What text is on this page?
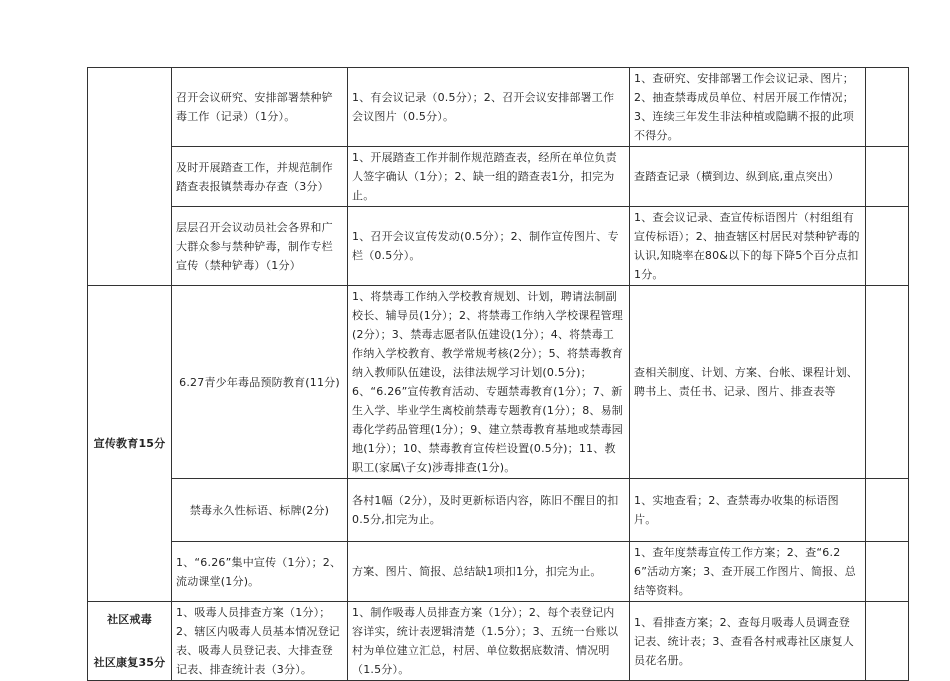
	召开会议研究、安排部署禁种铲毒工作（记录）（1分）。	1、有会议记录（0.5分）；2、召开会议安排部署工作会议图片（0.5分）。	1、查研究、安排部署工作会议记录、图片；2、抽查禁毒成员单位、村居开展工作情况；3、连续三年发生非法种植或隐瞒不报的此项不得分。	
	及时开展踏查工作，并规范制作踏查表报镇禁毒办存查（3分）	1、开展踏查工作并制作规范踏查表，经所在单位负责人签字确认（1分）；2、缺一组的踏查表1分，扣完为止。	查踏查记录（横到边、纵到底,重点突出）	
	层层召开会议动员社会各界和广大群众参与禁种铲毒，制作专栏宣传（禁种铲毒）（1分）	1、召开会议宣传发动(0.5分）；2、制作宣传图片、专栏（0.5分）。	1、查会议记录、查宣传标语图片（村组组有宣传标语）；2、抽查辖区村居民对禁种铲毒的认识,知晓率在80&以下的每下降5个百分点扣1分。	
宣传教育15分	6.27青少年毒品预防教育(11分)	1、将禁毒工作纳入学校教育规划、计划，聘请法制副校长、辅导员(1分）；2、将禁毒工作纳入学校课程管理(2分）；3、禁毒志愿者队伍建设(1分）；4、将禁毒工作纳入学校教育、教学常规考核(2分）；5、将禁毒教育纳入教师队伍建设，法律法规学习计划(0.5分)；6、“6.26”宣传教育活动、专题禁毒教育(1分）；7、新生入学、毕业学生离校前禁毒专题教育(1分）；8、易制毒化学药品管理(1分）；9、建立禁毒教育基地或禁毒园地(1分）；10、禁毒教育宣传栏设置(0.5分)；11、教职工(家属\子女)涉毒排查(1分)。	查相关制度、计划、方案、台帐、课程计划、聘书上、责任书、记录、图片、排查表等	
	禁毒永久性标语、标牌(2分)	各村1幅（2分），及时更新标语内容，陈旧不醒目的扣0.5分,扣完为止。	1、实地查看；2、查禁毒办收集的标语图片。	
	1、“6.26”集中宣传（1分）；2、流动课堂(1分)。	方案、图片、简报、总结缺1项扣1分，扣完为止。	1、查年度禁毒宣传工作方案；2、查“6.26”活动方案；3、查开展工作图片、简报、总结等资料。	

社区戒毒
社区康复35分	1、吸毒人员排查方案（1分）；2、辖区内吸毒人员基本情况登记表、吸毒人员登记表、大排查登记表、排查统计表（3分）。	1、制作吸毒人员排查方案（1分）；2、每个表登记内容详实，统计表逻辑清楚（1.5分）；3、五统一台账以村为单位建立汇总，村居、单位数据底数清、情况明（1.5分）。	1、看排查方案；2、查每月吸毒人员调查登记表、统计表；3、查看各村戒毒社区康复人员花名册。	
